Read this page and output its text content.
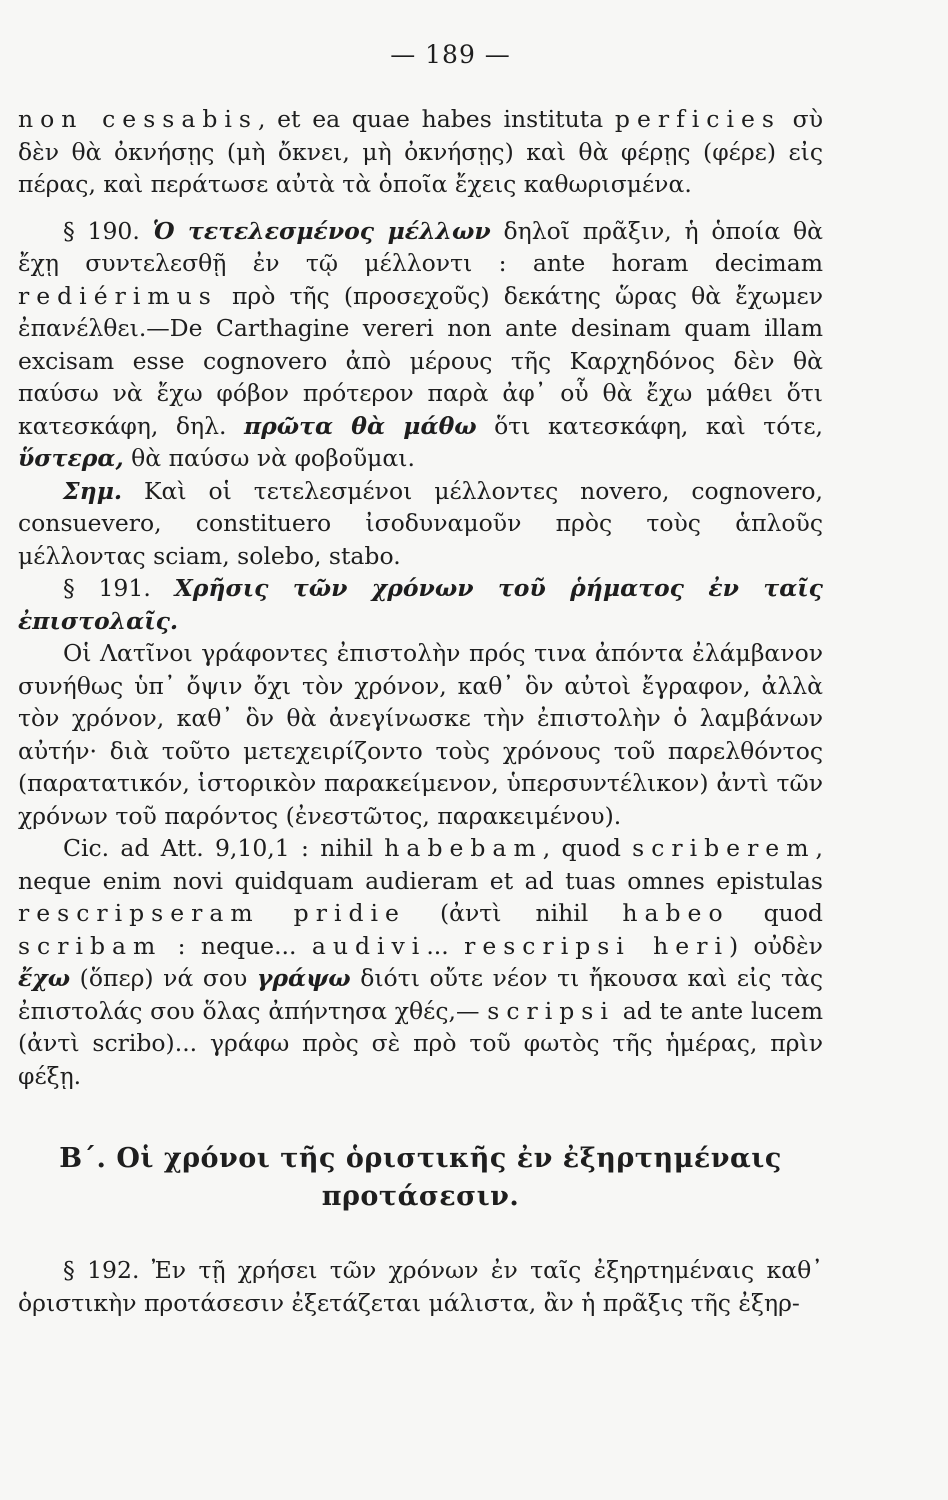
— 189 —

non cessabis, et ea quae habes instituta perficies σὺ δὲν θὰ ὀκνήσῃς (μὴ ὄκνει, μὴ ὀκνήσῃς) καὶ θὰ φέρῃς (φέρε) εἰς πέρας, καὶ περάτωσε αὐτὰ τὰ ὁποῖα ἔχεις καθωρισμένα.

§ 190. Ὁ τετελεσμένος μέλλων δηλοῖ πρᾶξιν, ἡ ὁποία θὰ ἔχῃ συντελεσθῇ ἐν τῷ μέλλοντι : ante horam decimam rediérimus πρὸ τῆς (προσεχοῦς) δεκάτης ὥρας θὰ ἔχωμεν ἐπανέλθει.—De Carthagine vereri non ante desinam quam illam excisam esse cognovero ἀπὸ μέρους τῆς Καρχηδόνος δὲν θὰ παύσω νὰ ἔχω φόβον πρότερον παρὰ ἀφ᾽ οὗ θὰ ἔχω μάθει ὅτι κατεσκάφη, δηλ. πρῶτα θὰ μάθω ὅτι κατεσκάφη, καὶ τότε, ὕστερα, θὰ παύσω νὰ φοβοῦμαι.

Σημ. Καὶ οἱ τετελεσμένοι μέλλοντες novero, cognovero, consuevero, constituero ἰσοδυναμοῦν πρὸς τοὺς ἁπλοῦς μέλλοντας sciam, solebo, stabo.

§ 191. Χρῆσις τῶν χρόνων τοῦ ῥήματος ἐν ταῖς ἐπιστολαῖς.

Οἱ Λατῖνοι γράφοντες ἐπιστολὴν πρός τινα ἀπόντα ἐλάμβανον συνήθως ὑπ᾽ ὄψιν ὄχι τὸν χρόνον, καθ᾽ ὃν αὐτοὶ ἔγραφον, ἀλλὰ τὸν χρόνον, καθ᾽ ὃν θὰ ἀνεγίνωσκε τὴν ἐπιστολὴν ὁ λαμβάνων αὐτήν· διὰ τοῦτο μετεχειρίζοντο τοὺς χρόνους τοῦ παρελθόντος (παρατατικόν, ἱστορικὸν παρακείμενον, ὑπερσυντέλικον) ἀντὶ τῶν χρόνων τοῦ παρόντος (ἐνεστῶτος, παρακειμένου).

Cic. ad Att. 9,10,1 : nihil habebam, quod scriberem, neque enim novi quidquam audieram et ad tuas omnes epistulas rescripseram pridie (ἀντὶ nihil habeo quod scribam : neque... audivi... rescripsi heri) οὐδὲν ἔχω (ὅπερ) νά σου γράψω διότι οὔτε νέον τι ἤκουσα καὶ εἰς τὰς ἐπιστολάς σου ὅλας ἀπήντησα χθές,— scripsi ad te ante lucem (ἀντὶ scribo)... γράφω πρὸς σὲ πρὸ τοῦ φωτὸς τῆς ἡμέρας, πρὶν φέξῃ.

Β΄. Οἱ χρόνοι τῆς ὁριστικῆς ἐν ἐξηρτημέναις προτάσεσιν.

§ 192. Ἐν τῇ χρήσει τῶν χρόνων ἐν ταῖς ἐξηρτημέναις καθ᾽ ὁριστικὴν προτάσεσιν ἐξετάζεται μάλιστα, ἂν ἡ πρᾶξις τῆς ἐξηρ-
